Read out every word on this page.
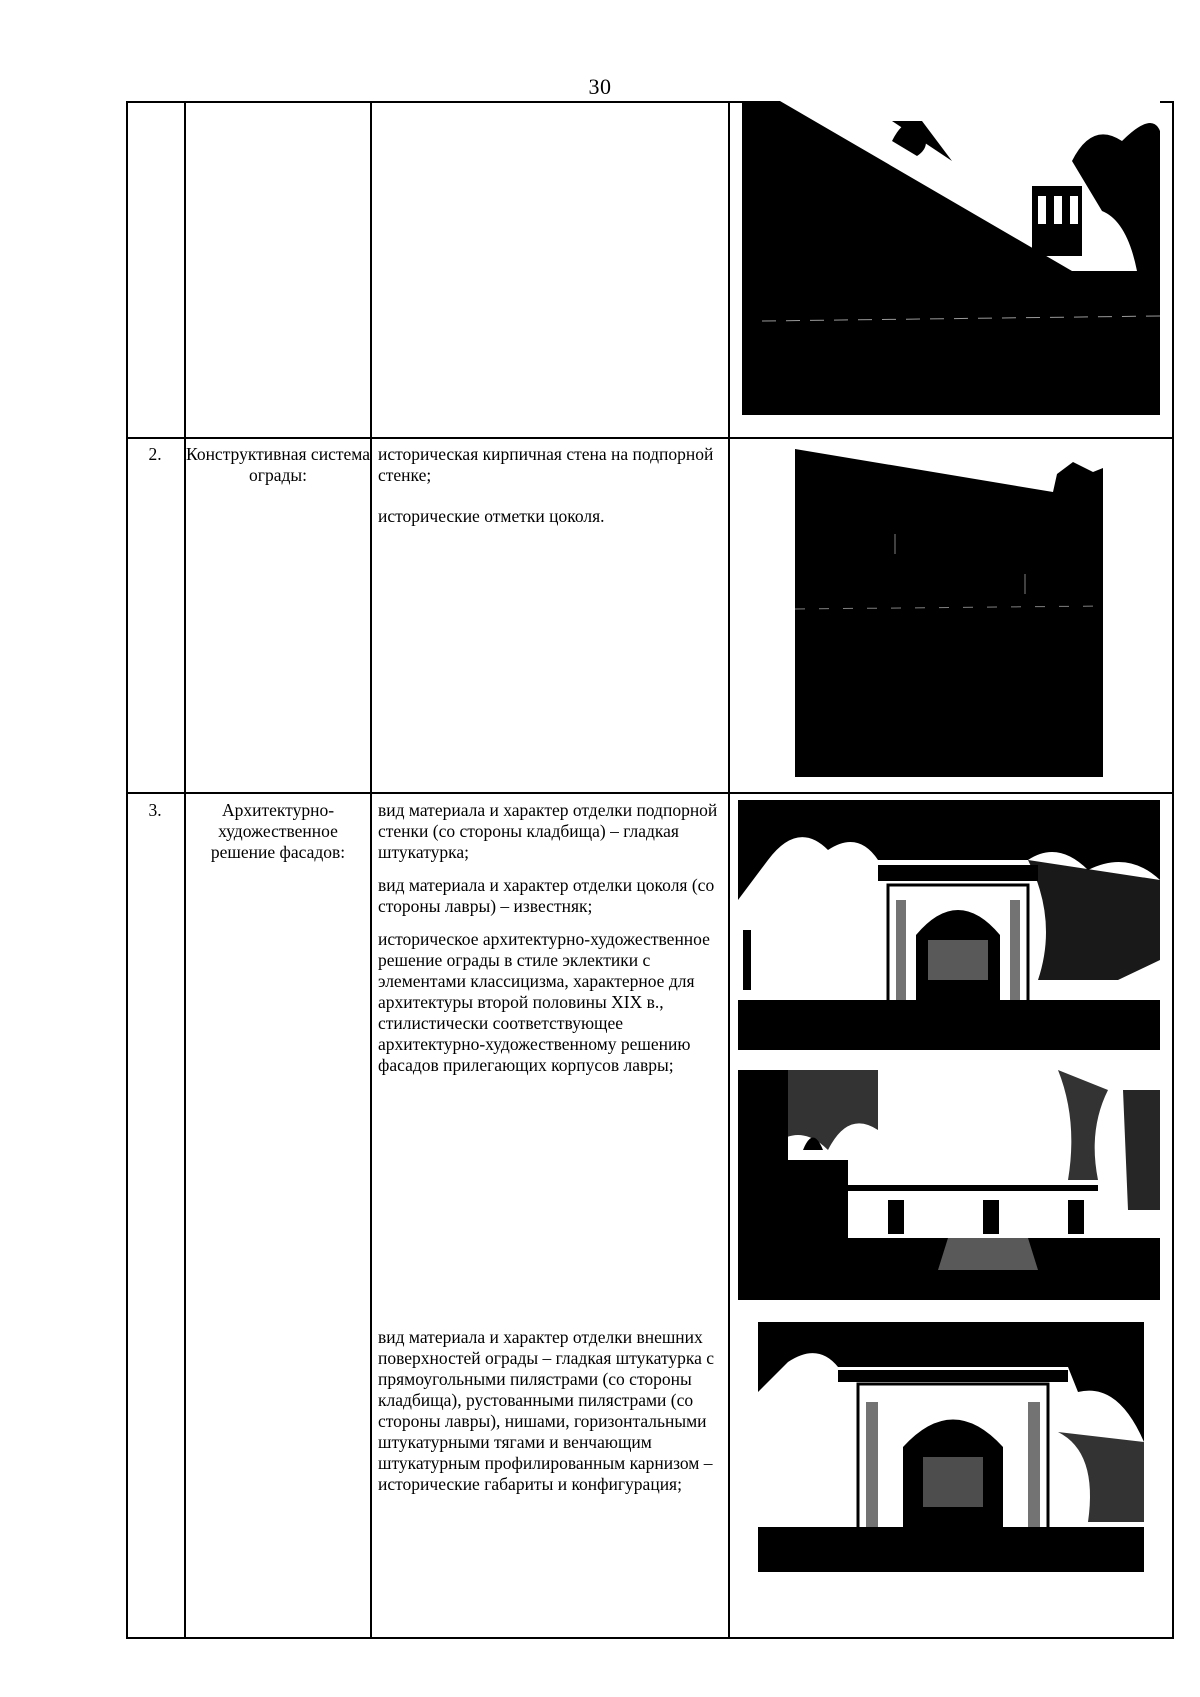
30
2.	Конструктивная система ограды:

историческая кирпичная стена на подпорной стенке;

исторические отметки цоколя.

3.	Архитектурно-художественное решение фасадов:

вид материала и характер отделки подпорной стенки (со стороны кладбища) – гладкая штукатурка;

вид материала и характер отделки цоколя (со стороны лавры) – известняк;

историческое архитектурно-художественное решение ограды в стиле эклектики с элементами классицизма, характерное для архитектуры второй половины XIX в., стилистически соответствующее архитектурно-художественному решению фасадов прилегающих корпусов лавры;

вид материала и характер отделки внешних поверхностей ограды – гладкая штукатурка с прямоугольными пилястрами (со стороны кладбища), рустованными пилястрами (со стороны лавры), нишами, горизонтальными штукатурными тягами и венчающим штукатурным профилированным карнизом – исторические габариты и конфигурация;
